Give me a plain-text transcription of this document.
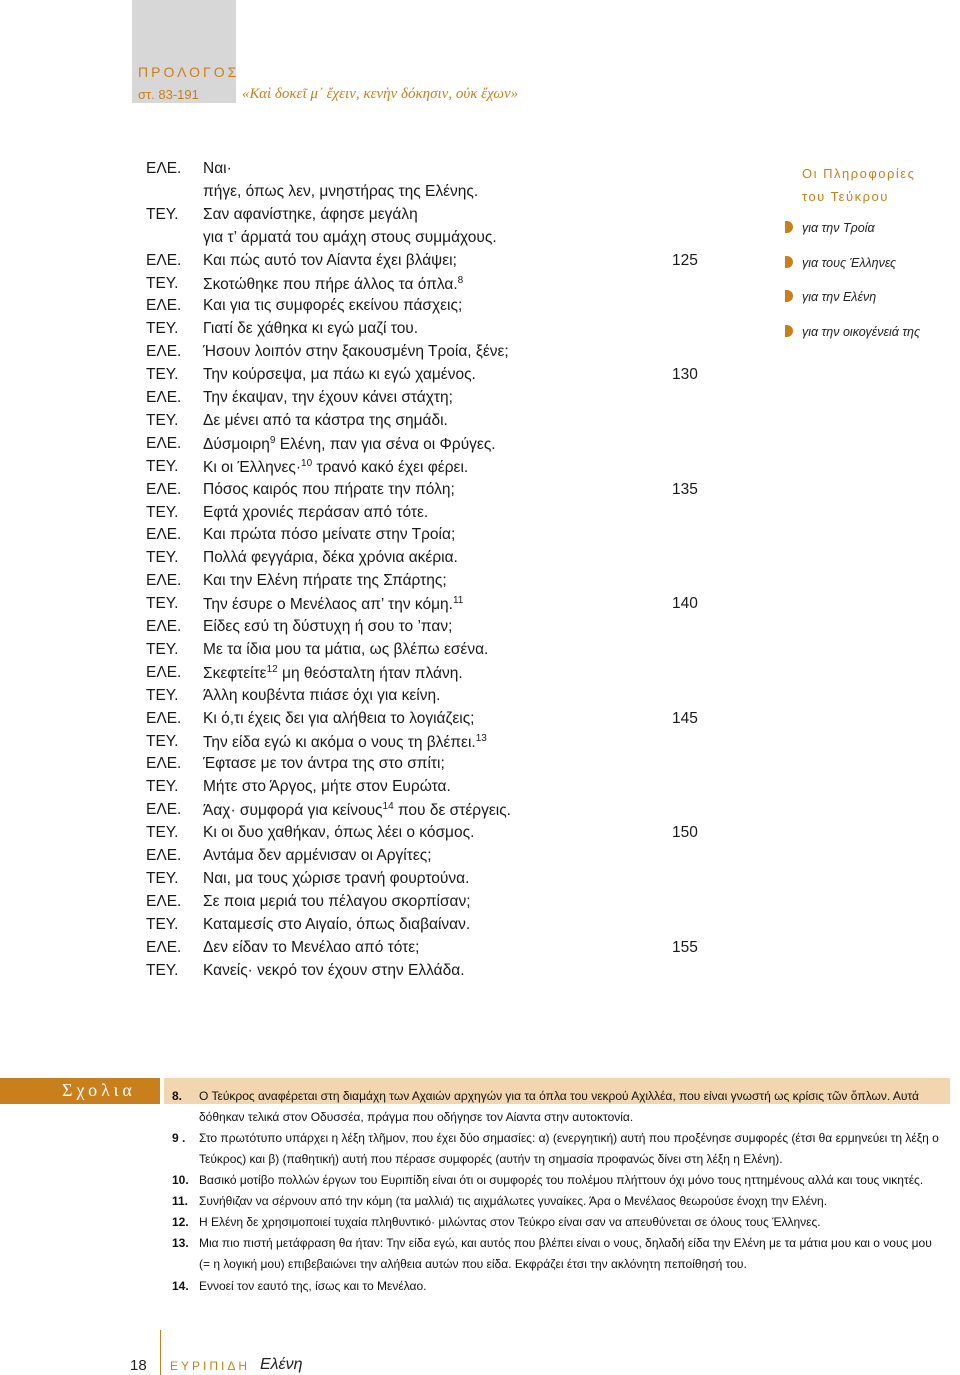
ΠΡΟΛΟΓΟΣ
στ. 83-191	«Καὶ δοκεῖ μ᾽ ἔχειν, κενὴν δόκησιν, οὐκ ἔχων»
ΕΛΕ. Ναι·
πήγε, όπως λεν, μνηστήρας της Ελένης.
ΤΕΥ. Σαν αφανίστηκε, άφησε μεγάλη
για τ’ άρματά του αμάχη στους συμμάχους.
ΕΛΕ. Και πώς αυτό τον Αίαντα έχει βλάψει;	125
ΤΕΥ. Σκοτώθηκε που πήρε άλλος τα όπλα.$^8$
ΕΛΕ. Και για τις συμφορές εκείνου πάσχεις;
ΤΕΥ. Γιατί δε χάθηκα κι εγώ μαζί του.
ΕΛΕ. Ήσουν λοιπόν στην ξακουσμένη Τροία, ξένε;
ΤΕΥ. Την κούρσεψα, μα πάω κι εγώ χαμένος.	130
ΕΛΕ. Την έκαψαν, την έχουν κάνει στάχτη;
ΤΕΥ. Δε μένει από τα κάστρα της σημάδι.
ΕΛΕ. Δύσμοιρη$^9$ Ελένη, παν για σένα οι Φρύγες.
ΤΕΥ. Κι οι Έλληνες·$^{10}$ τρανό κακό έχει φέρει.
ΕΛΕ. Πόσος καιρός που πήρατε την πόλη;	135
ΤΕΥ. Εφτά χρονιές περάσαν από τότε.
ΕΛΕ. Και πρώτα πόσο μείνατε στην Τροία;
ΤΕΥ. Πολλά φεγγάρια, δέκα χρόνια ακέρια.
ΕΛΕ. Και την Ελένη πήρατε της Σπάρτης;
ΤΕΥ. Την έσυρε ο Μενέλαος απ’ την κόμη.$^{11}$	140
ΕΛΕ. Είδες εσύ τη δύστυχη ή σου το ’παν;
ΤΕΥ. Με τα ίδια μου τα μάτια, ως βλέπω εσένα.
ΕΛΕ. Σκεφτείτε$^{12}$ μη θεόσταλτη ήταν πλάνη.
ΤΕΥ. Άλλη κουβέντα πιάσε όχι για κείνη.
ΕΛΕ. Κι ό,τι έχεις δει για αλήθεια το λογιάζεις;	145
ΤΕΥ. Την είδα εγώ κι ακόμα ο νους τη βλέπει.$^{13}$
ΕΛΕ. Έφτασε με τον άντρα της στο σπίτι;
ΤΕΥ. Μήτε στο Άργος, μήτε στον Ευρώτα.
ΕΛΕ. Άαχ· συμφορά για κείνους$^{14}$ που δε στέργεις.
ΤΕΥ. Κι οι δυο χαθήκαν, όπως λέει ο κόσμος.	150
ΕΛΕ. Αντάμα δεν αρμένισαν οι Αργίτες;
ΤΕΥ. Ναι, μα τους χώρισε τρανή φουρτούνα.
ΕΛΕ. Σε ποια μεριά του πέλαγου σκορπίσαν;
ΤΕΥ. Καταμεσίς στο Αιγαίο, όπως διαβαίναν.
ΕΛΕ. Δεν είδαν το Μενέλαο από τότε;	155
ΤΕΥ. Κανείς· νεκρό τον έχουν στην Ελλάδα.
Οι Πληροφορίες
του Τεύκρου
για την Τροία
για τους Έλληνες
για την Ελένη
για την οικογένειά της
Σχολια	8. Ο Τεύκρος αναφέρεται στη διαμάχη των Αχαιών αρχηγών για τα όπλα του νεκρού Αχιλλέα, που είναι γνωστή ως κρίσις τῶν ὅπλων. Αυτά δόθηκαν τελικά στον Οδυσσέα, πράγμα που οδήγησε τον Αίαντα στην αυτοκτονία.
9 . Στο πρωτότυπο υπάρχει η λέξη τλῆμον, που έχει δύο σημασίες: α) (ενεργητική) αυτή που προξένησε συμφορές (έτσι θα ερμηνεύει τη λέξη ο Τεύκρος) και β) (παθητική) αυτή που πέρασε συμφορές (αυτήν τη σημασία προφανώς δίνει στη λέξη η Ελένη).
10. Βασικό μοτίβο πολλών έργων του Ευριπίδη είναι ότι οι συμφορές του πολέμου πλήττουν όχι μόνο τους ηττημένους αλλά και τους νικητές.
11. Συνήθιζαν να σέρνουν από την κόμη (τα μαλλιά) τις αιχμάλωτες γυναίκες. Άρα ο Μενέλαος θεωρούσε ένοχη την Ελένη.
12. Η Ελένη δε χρησιμοποιεί τυχαία πληθυντικό· μιλώντας στον Τεύκρο είναι σαν να απευθύνεται σε όλους τους Έλληνες.
13. Μια πιο πιστή μετάφραση θα ήταν: Την είδα εγώ, και αυτός που βλέπει είναι ο νους, δηλαδή είδα την Ελένη με τα μάτια μου και ο νους μου (= η λογική μου) επιβεβαιώνει την αλήθεια αυτών που είδα. Εκφράζει έτσι την ακλόνητη πεποίθησή του.
14. Εννοεί τον εαυτό της, ίσως και το Μενέλαο.
18 ΕΥΡΙΠΙΔΗ Ελένη
